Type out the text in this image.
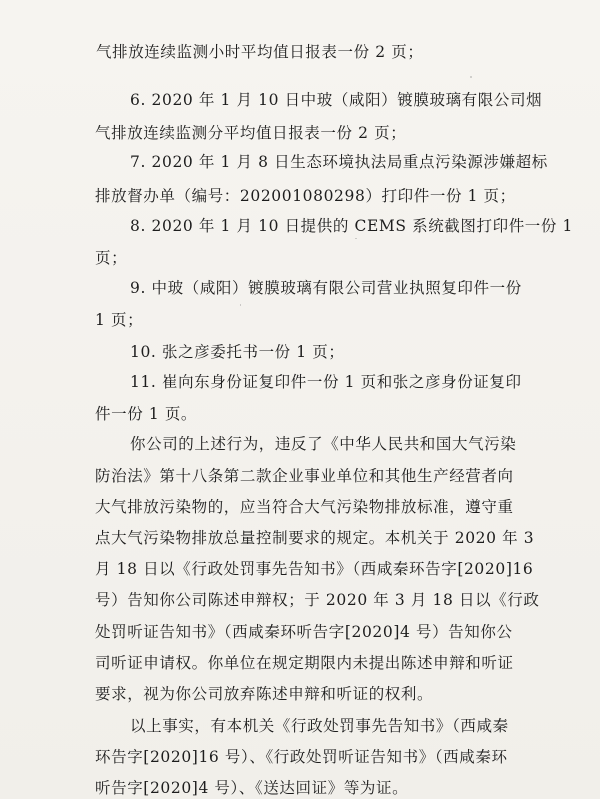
气排放连续监测小时平均值日报表一份 2 页；
6. 2020 年 1 月 10 日中玻（咸阳）镀膜玻璃有限公司烟
气排放连续监测分平均值日报表一份 2 页；
7. 2020 年 1 月 8 日生态环境执法局重点污染源涉嫌超标
排放督办单（编号：202001080298）打印件一份 1 页；
8. 2020 年 1 月 10 日提供的 CEMS 系统截图打印件一份 1
页；
9. 中玻（咸阳）镀膜玻璃有限公司营业执照复印件一份
1 页；
10. 张之彦委托书一份 1 页；
11. 崔向东身份证复印件一份 1 页和张之彦身份证复印
件一份 1 页。
你公司的上述行为，违反了《中华人民共和国大气污染
防治法》第十八条第二款企业事业单位和其他生产经营者向
大气排放污染物的，应当符合大气污染物排放标准，遵守重
点大气污染物排放总量控制要求的规定。本机关于 2020 年 3
月 18 日以《行政处罚事先告知书》（西咸秦环告字[2020]16
号）告知你公司陈述申辩权；于 2020 年 3 月 18 日以《行政
处罚听证告知书》（西咸秦环听告字[2020]4 号）告知你公
司听证申请权。你单位在规定期限内未提出陈述申辩和听证
要求，视为你公司放弃陈述申辩和听证的权利。
以上事实，有本机关《行政处罚事先告知书》（西咸秦
环告字[2020]16 号）、《行政处罚听证告知书》（西咸秦环
听告字[2020]4 号）、《送达回证》等为证。
